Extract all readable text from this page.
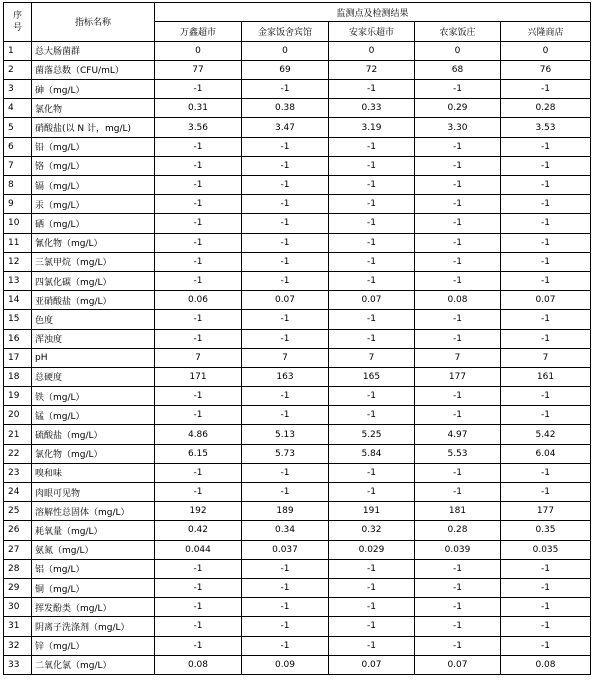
序
号	指标名称	监测点及检测结果				
		万鑫超市	金家饭舍宾馆	安家乐超市	农家饭庄	兴隆商店
1	总大肠菌群	0	0	0	0	0
2	菌落总数（CFU/mL）	77	69	72	68	76
3	砷（mg/L）	-1	-1	-1	-1	-1
4	氯化物	0.31	0.38	0.33	0.29	0.28
5	硝酸盐(以 N 计，mg/L)	3.56	3.47	3.19	3.30	3.53
6	铅（mg/L）	-1	-1	-1	-1	-1
7	铬（mg/L）	-1	-1	-1	-1	-1
8	镉（mg/L）	-1	-1	-1	-1	-1
9	汞（mg/L）	-1	-1	-1	-1	-1
10	硒（mg/L）	-1	-1	-1	-1	-1
11	氰化物（mg/L）	-1	-1	-1	-1	-1
12	三氯甲烷（mg/L）	-1	-1	-1	-1	-1
13	四氯化碳（mg/L）	-1	-1	-1	-1	-1
14	亚硝酸盐（mg/L）	0.06	0.07	0.07	0.08	0.07
15	色度	-1	-1	-1	-1	-1
16	浑浊度	-1	-1	-1	-1	-1
17	pH	7	7	7	7	7
18	总硬度	171	163	165	177	161
19	铁（mg/L）	-1	-1	-1	-1	-1
20	锰（mg/L）	-1	-1	-1	-1	-1
21	硫酸盐（mg/L）	4.86	5.13	5.25	4.97	5.42
22	氯化物（mg/L）	6.15	5.73	5.84	5.53	6.04
23	嗅和味	-1	-1	-1	-1	-1
24	肉眼可见物	-1	-1	-1	-1	-1
25	溶解性总固体（mg/L）	192	189	191	181	177
26	耗氧量（mg/L）	0.42	0.34	0.32	0.28	0.35
27	氨氮（mg/L）	0.044	0.037	0.029	0.039	0.035
28	铝（mg/L）	-1	-1	-1	-1	-1
29	铜（mg/L）	-1	-1	-1	-1	-1
30	挥发酚类（mg/L）	-1	-1	-1	-1	-1
31	阴离子洗涤剂（mg/L）	-1	-1	-1	-1	-1
32	锌（mg/L）	-1	-1	-1	-1	-1
33	二氧化氯（mg/L）	0.08	0.09	0.07	0.07	0.08
